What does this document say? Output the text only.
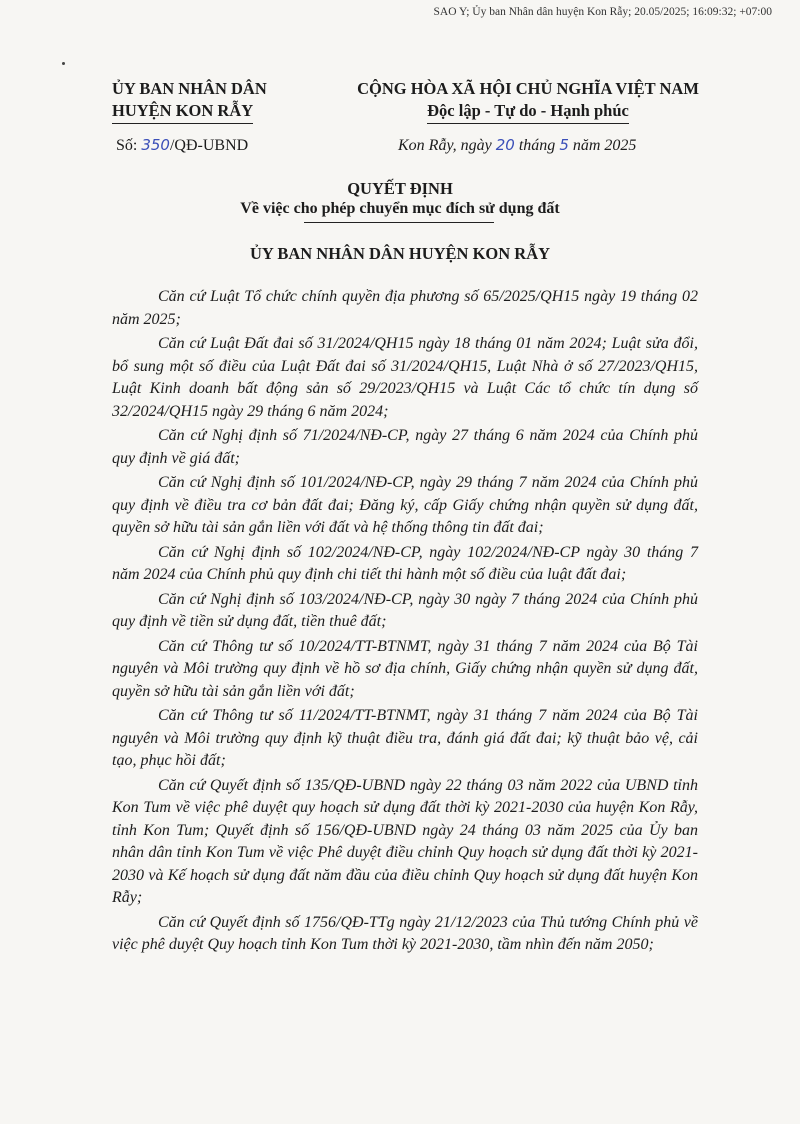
SAO Y; Ủy ban Nhân dân huyện Kon Rẫy; 20.05/2025; 16:09:32; +07:00
ỦY BAN NHÂN DÂN
HUYỆN KON RẪY
CỘNG HÒA XÃ HỘI CHỦ NGHĨA VIỆT NAM
Độc lập - Tự do - Hạnh phúc
Số: 350/QĐ-UBND	Kon Rẫy, ngày 20 tháng 5 năm 2025
QUYẾT ĐỊNH
Về việc cho phép chuyển mục đích sử dụng đất
ỦY BAN NHÂN DÂN HUYỆN KON RẪY

Căn cứ Luật Tổ chức chính quyền địa phương số 65/2025/QH15 ngày 19 tháng 02 năm 2025;

Căn cứ Luật Đất đai số 31/2024/QH15 ngày 18 tháng 01 năm 2024; Luật sửa đổi, bổ sung một số điều của Luật Đất đai số 31/2024/QH15, Luật Nhà ở số 27/2023/QH15, Luật Kinh doanh bất động sản số 29/2023/QH15 và Luật Các tổ chức tín dụng số 32/2024/QH15 ngày 29 tháng 6 năm 2024;

Căn cứ Nghị định số 71/2024/NĐ-CP, ngày 27 tháng 6 năm 2024 của Chính phủ quy định về giá đất;

Căn cứ Nghị định số 101/2024/NĐ-CP, ngày 29 tháng 7 năm 2024 của Chính phủ quy định về điều tra cơ bản đất đai; Đăng ký, cấp Giấy chứng nhận quyền sử dụng đất, quyền sở hữu tài sản gắn liền với đất và hệ thống thông tin đất đai;

Căn cứ Nghị định số 102/2024/NĐ-CP, ngày 102/2024/NĐ-CP ngày 30 tháng 7 năm 2024 của Chính phủ quy định chi tiết thi hành một số điều của luật đất đai;

Căn cứ Nghị định số 103/2024/NĐ-CP, ngày 30 ngày 7 tháng 2024 của Chính phủ quy định về tiền sử dụng đất, tiền thuê đất;

Căn cứ Thông tư số 10/2024/TT-BTNMT, ngày 31 tháng 7 năm 2024 của Bộ Tài nguyên và Môi trường quy định về hồ sơ địa chính, Giấy chứng nhận quyền sử dụng đất, quyền sở hữu tài sản gắn liền với đất;

Căn cứ Thông tư số 11/2024/TT-BTNMT, ngày 31 tháng 7 năm 2024 của Bộ Tài nguyên và Môi trường quy định kỹ thuật điều tra, đánh giá đất đai; kỹ thuật bảo vệ, cải tạo, phục hồi đất;

Căn cứ Quyết định số 135/QĐ-UBND ngày 22 tháng 03 năm 2022 của UBND tỉnh Kon Tum về việc phê duyệt quy hoạch sử dụng đất thời kỳ 2021-2030 của huyện Kon Rẫy, tỉnh Kon Tum; Quyết định số 156/QĐ-UBND ngày 24 tháng 03 năm 2025 của Ủy ban nhân dân tỉnh Kon Tum về việc Phê duyệt điều chỉnh Quy hoạch sử dụng đất thời kỳ 2021-2030 và Kế hoạch sử dụng đất năm đầu của điều chỉnh Quy hoạch sử dụng đất huyện Kon Rẫy;

Căn cứ Quyết định số 1756/QĐ-TTg ngày 21/12/2023 của Thủ tướng Chính phủ về việc phê duyệt Quy hoạch tỉnh Kon Tum thời kỳ 2021-2030, tầm nhìn đến năm 2050;
